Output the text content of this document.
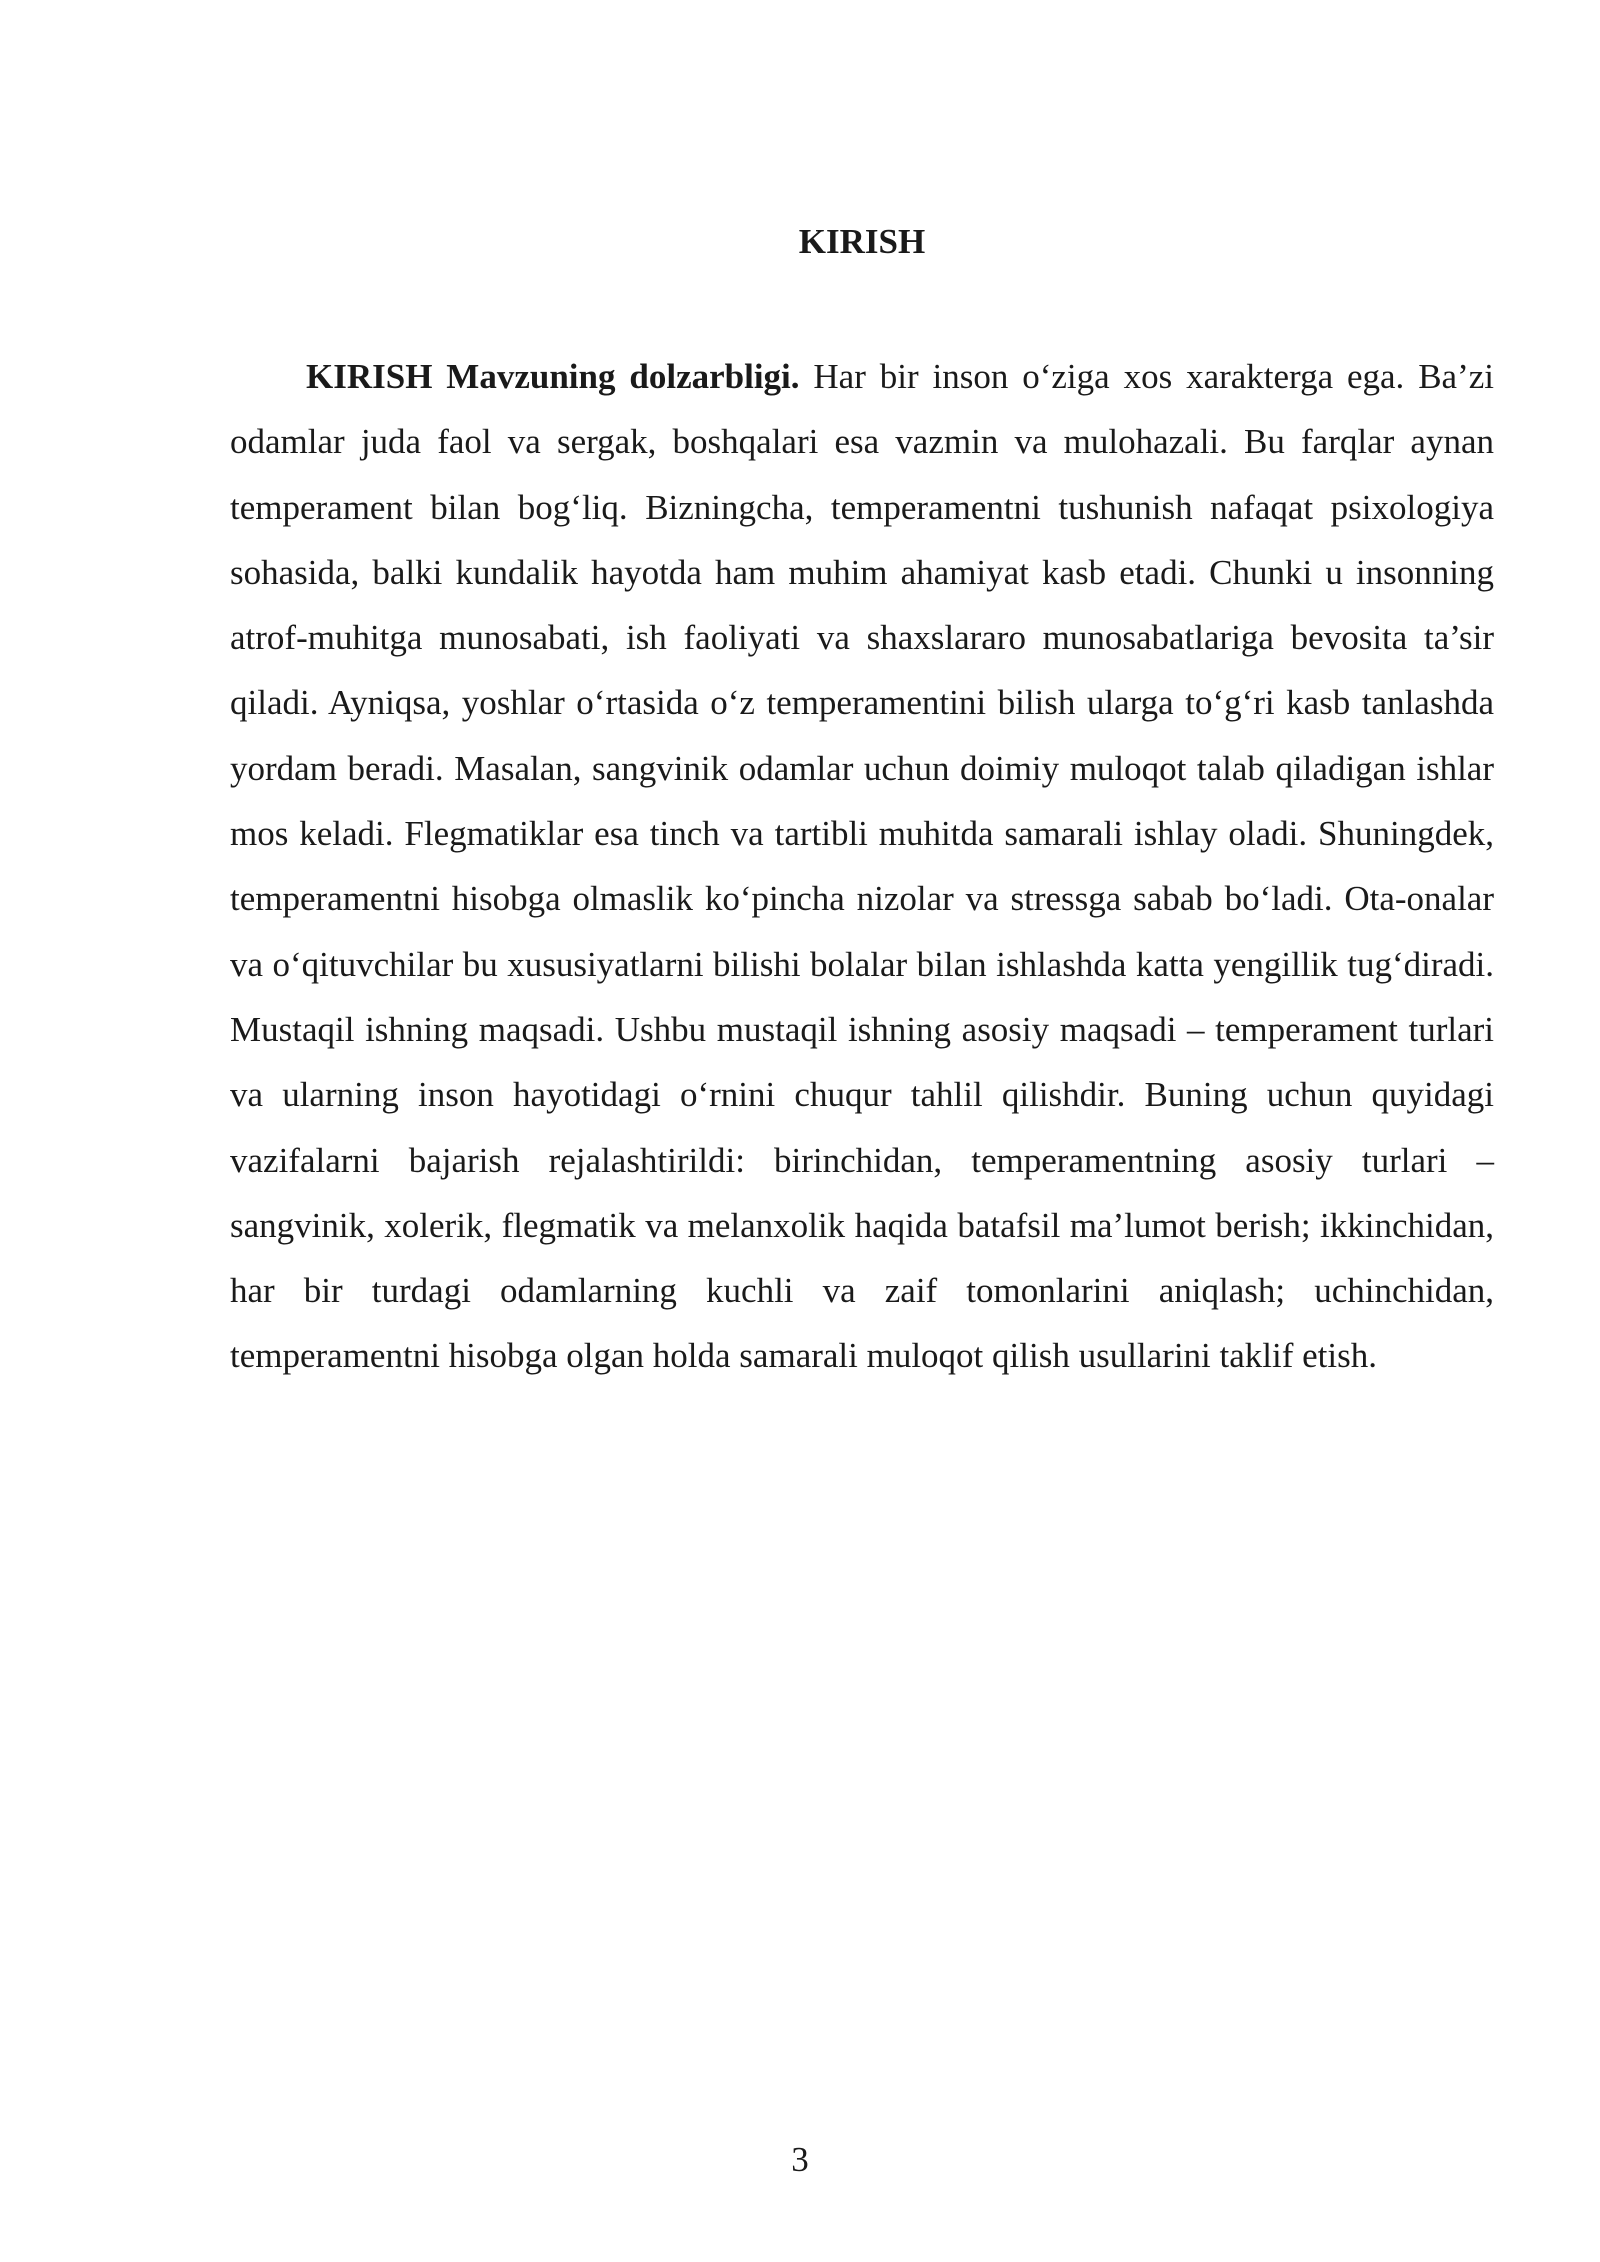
KIRISH

KIRISH Mavzuning dolzarbligi. Har bir inson o‘ziga xos xarakterga ega. Ba’zi odamlar juda faol va sergak, boshqalari esa vazmin va mulohazali. Bu farqlar aynan temperament bilan bog‘liq. Bizningcha, temperamentni tushunish nafaqat psixologiya sohasida, balki kundalik hayotda ham muhim ahamiyat kasb etadi. Chunki u insonning atrof-muhitga munosabati, ish faoliyati va shaxslararo munosabatlariga bevosita ta’sir qiladi. Ayniqsa, yoshlar o‘rtasida o‘z temperamentini bilish ularga to‘g‘ri kasb tanlashda yordam beradi. Masalan, sangvinik odamlar uchun doimiy muloqot talab qiladigan ishlar mos keladi. Flegmatiklar esa tinch va tartibli muhitda samarali ishlay oladi. Shuningdek, temperamentni hisobga olmaslik ko‘pincha nizolar va stressga sabab bo‘ladi. Ota-onalar va o‘qituvchilar bu xususiyatlarni bilishi bolalar bilan ishlashda katta yengillik tug‘diradi. Mustaqil ishning maqsadi. Ushbu mustaqil ishning asosiy maqsadi – temperament turlari va ularning inson hayotidagi o‘rnini chuqur tahlil qilishdir. Buning uchun quyidagi vazifalarni bajarish rejalashtirildi: birinchidan, temperamentning asosiy turlari – sangvinik, xolerik, flegmatik va melanxolik haqida batafsil ma’lumot berish; ikkinchidan, har bir turdagi odamlarning kuchli va zaif tomonlarini aniqlash; uchinchidan, temperamentni hisobga olgan holda samarali muloqot qilish usullarini taklif etish.

3
